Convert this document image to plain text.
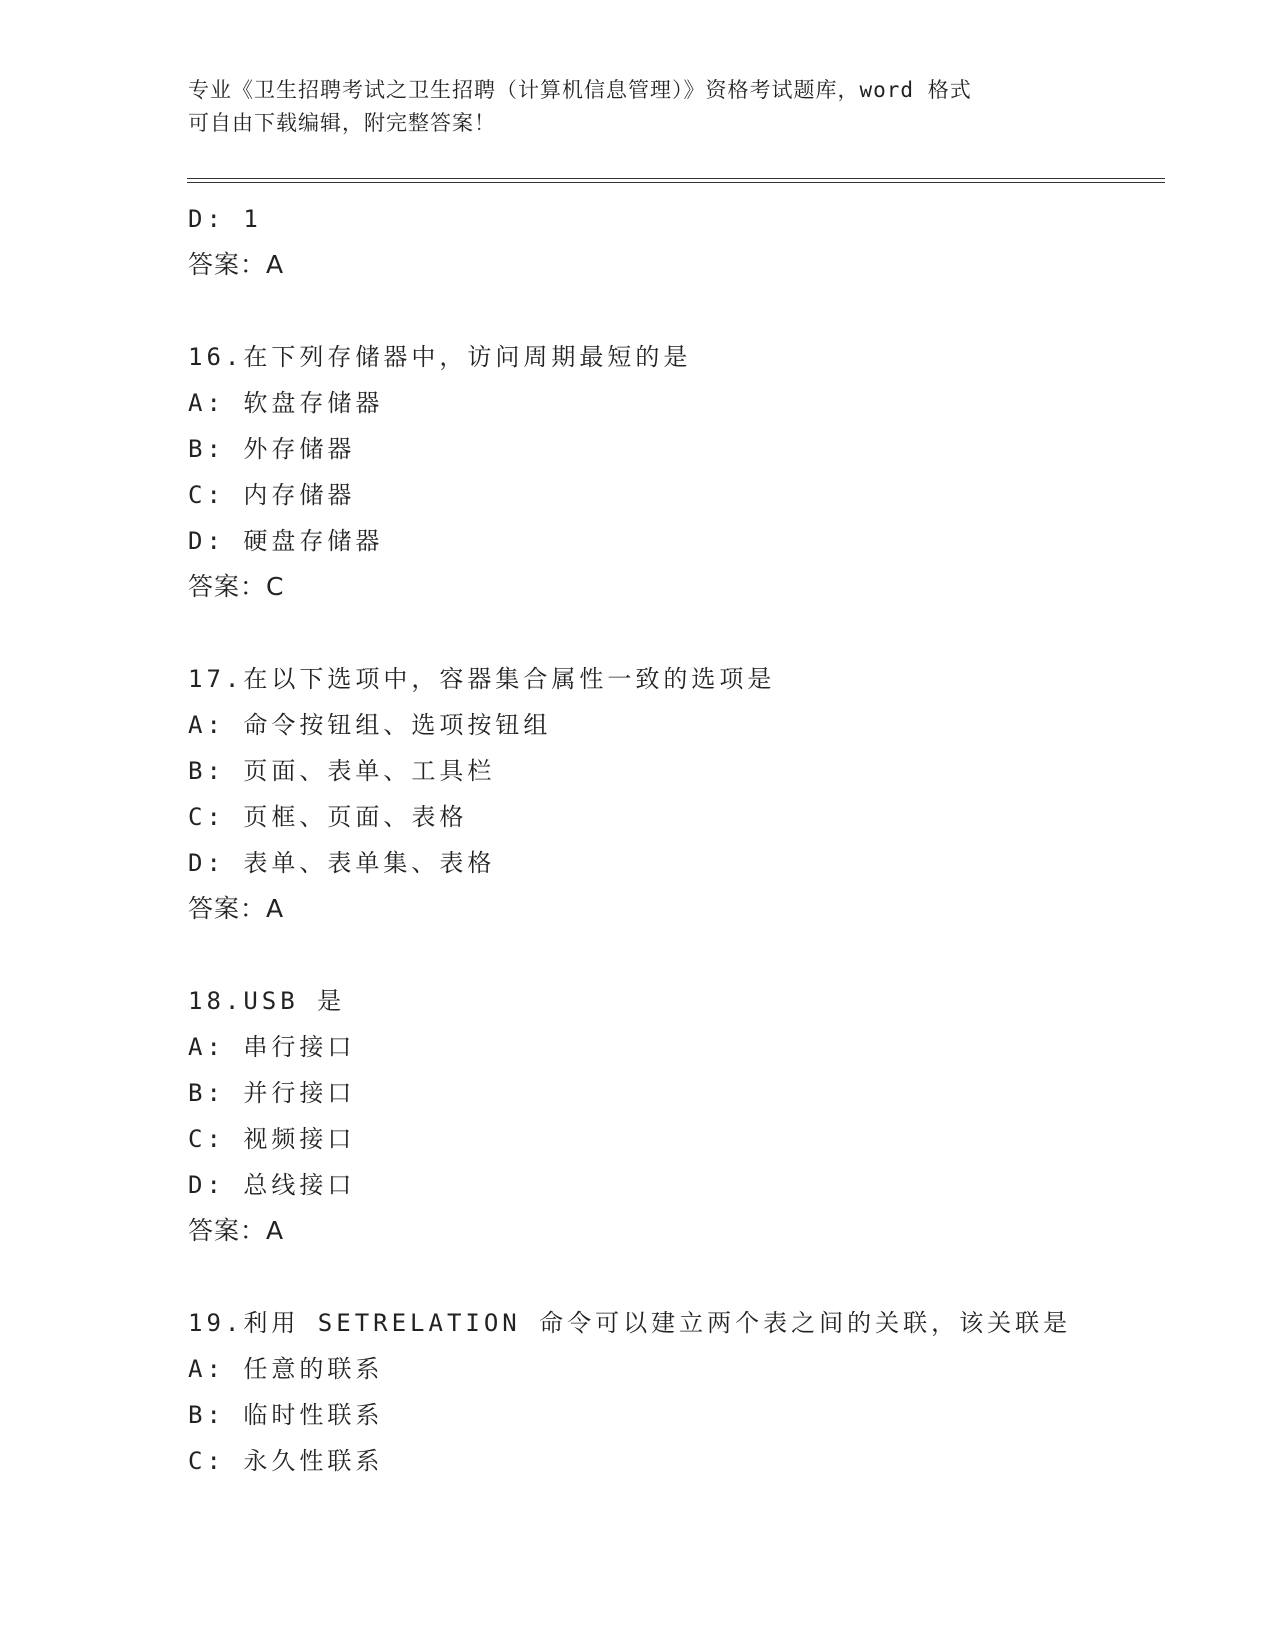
专业《卫生招聘考试之卫生招聘（计算机信息管理）》资格考试题库，word 格式
可自由下载编辑，附完整答案！
D: 1
答案：A
16.在下列存储器中，访问周期最短的是
A: 软盘存储器
B: 外存储器
C: 内存储器
D: 硬盘存储器
答案：C
17.在以下选项中，容器集合属性一致的选项是
A: 命令按钮组、选项按钮组
B: 页面、表单、工具栏
C: 页框、页面、表格
D: 表单、表单集、表格
答案：A
18.USB 是
A: 串行接口
B: 并行接口
C: 视频接口
D: 总线接口
答案：A
19.利用 SETRELATION 命令可以建立两个表之间的关联，该关联是
A: 任意的联系
B: 临时性联系
C: 永久性联系
